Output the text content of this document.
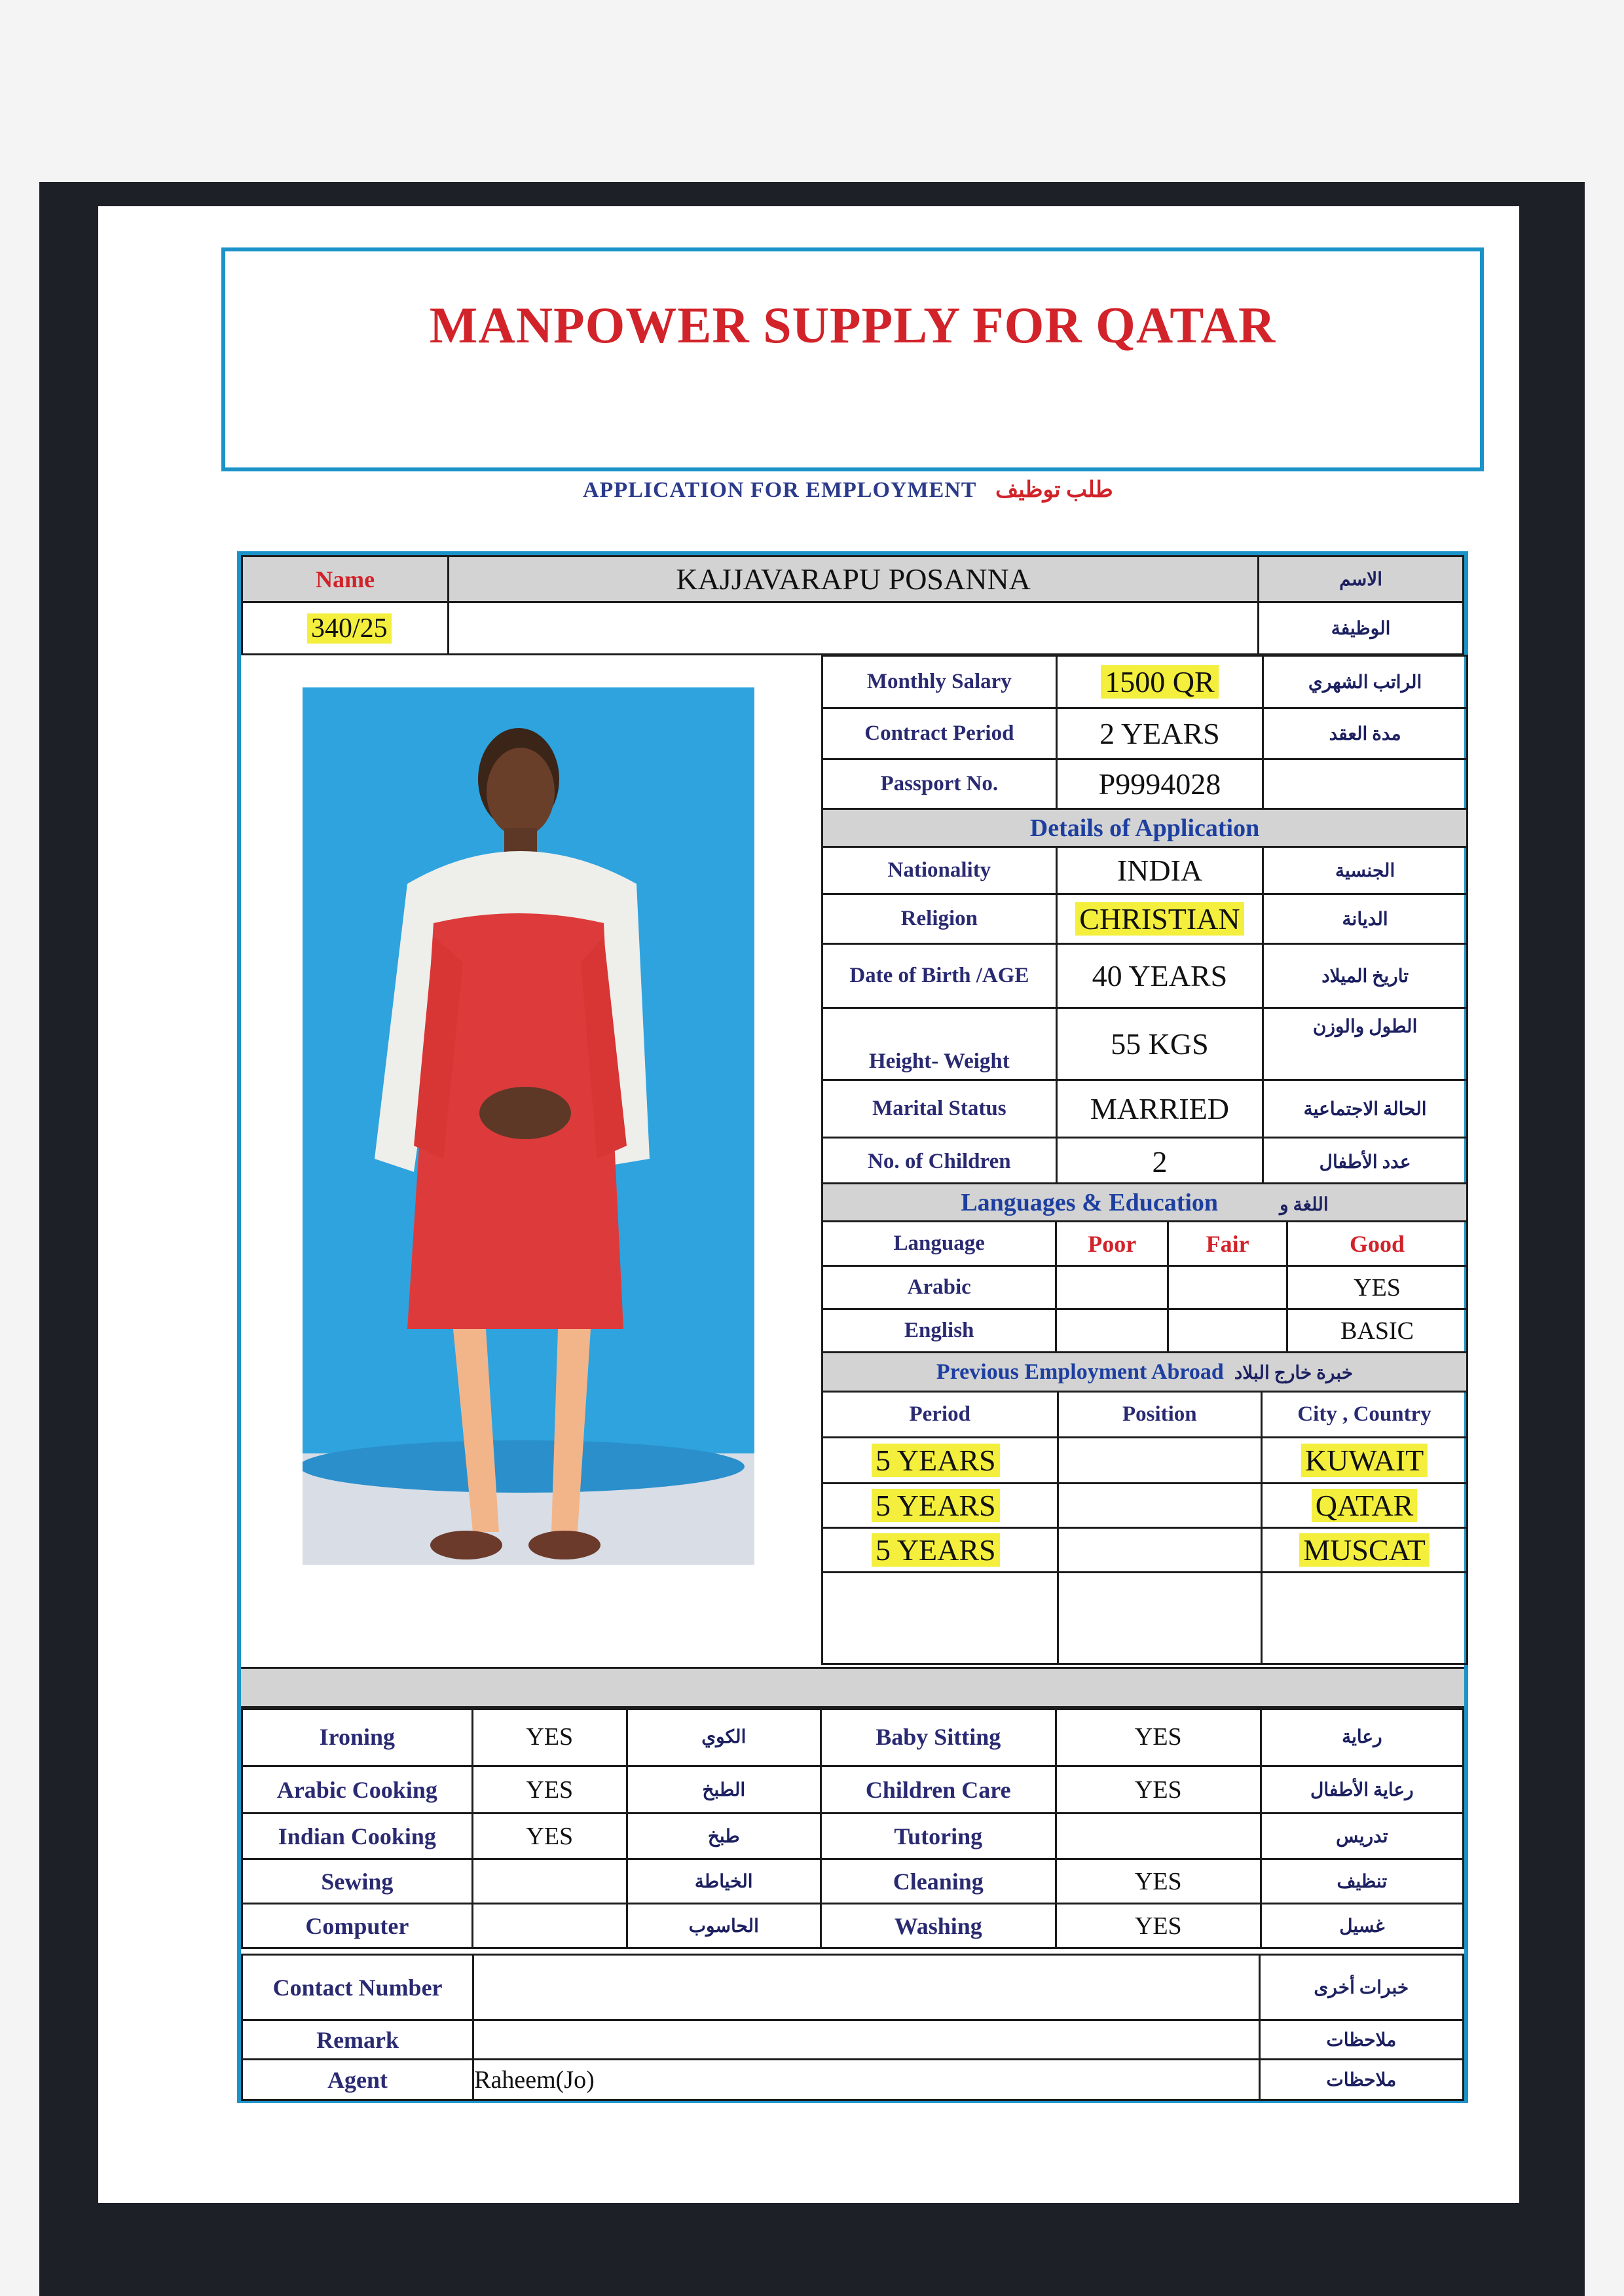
MANPOWER SUPPLY FOR QATAR
APPLICATION FOR EMPLOYMENT طلب توظيف
Name	KAJJAVARAPU POSANNA	الاسم
340/25		الوظيفة
Monthly Salary	1500 QR	الراتب الشهري
Contract Period	2 YEARS	مدة العقد
Passport No.	P9994028	
Details of Application		
Nationality	INDIA	الجنسية
Religion	CHRISTIAN	الديانة
Date of Birth /AGE	40 YEARS	تاريخ الميلاد
Height- Weight	55 KGS	الطول والوزن
Marital Status	MARRIED	الحالة الاجتماعية
No. of Children	2	عدد الأطفال
Languages & Education اللغة و			
Language	Poor	Fair	Good
Arabic			YES
English			BASIC
Previous Employment Abroad خبرة خارج البلاد		
Period	Position	City , Country
5 YEARS		KUWAIT
5 YEARS		QATAR
5 YEARS		MUSCAT

Ironing	YES	الكوي	Baby Sitting	YES	رعاية
Arabic Cooking	YES	الطبخ	Children Care	YES	رعاية الأطفال
Indian Cooking	YES	طبخ	Tutoring		تدريس
Sewing		الخياطة	Cleaning	YES	تنظيف
Computer		الحاسوب	Washing	YES	غسيل
Contact Number		خبرات أخرى
Remark		ملاحظات
Agent	Raheem(Jo)	ملاحظات
